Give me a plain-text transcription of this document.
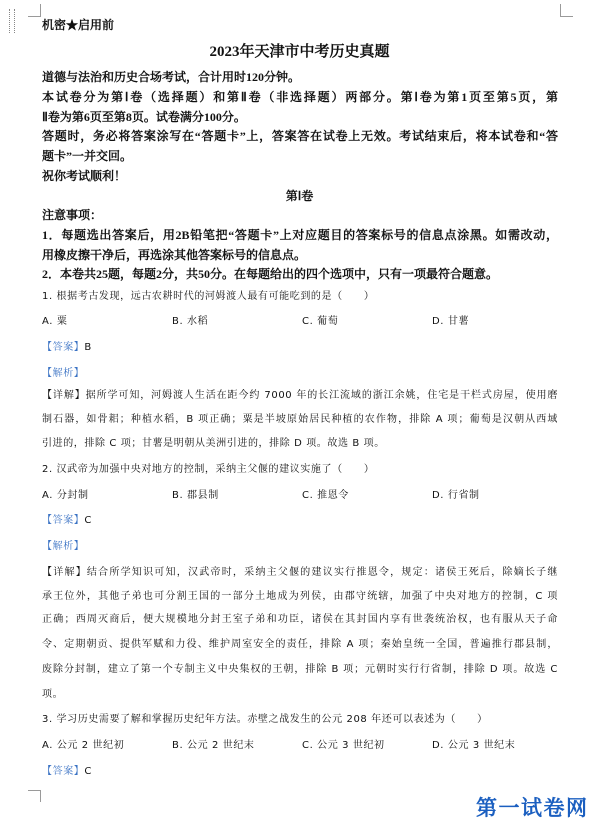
机密★启用前
2023年天津市中考历史真题
道德与法治和历史合场考试，合计用时120分钟。
本试卷分为第Ⅰ卷（选择题）和第Ⅱ卷（非选择题）两部分。第Ⅰ卷为第1页至第5页，第
Ⅱ卷为第6页至第8页。试卷满分100分。
答题时，务必将答案涂写在“答题卡”上，答案答在试卷上无效。考试结束后，将本试卷和“答
题卡”一并交回。
祝你考试顺利！
第Ⅰ卷
注意事项：
1．每题选出答案后，用2B铅笔把“答题卡”上对应题目的答案标号的信息点涂黑。如需改动，
用橡皮擦干净后，再选涂其他答案标号的信息点。
2．本卷共25题，每题2分，共50分。在每题给出的四个选项中，只有一项最符合题意。
1. 根据考古发现，远古农耕时代的河姆渡人最有可能吃到的是（　　）
A. 粟	B. 水稻	C. 葡萄	D. 甘薯
【答案】B
【解析】
【详解】据所学可知，河姆渡人生活在距今约 7000 年的长江流域的浙江余姚，住宅是干栏式房屋，使用磨
制石器，如骨耜；种植水稻，B 项正确；粟是半坡原始居民种植的农作物，排除 A 项；葡萄是汉朝从西域
引进的，排除 C 项；甘薯是明朝从美洲引进的，排除 D 项。故选 B 项。
2. 汉武帝为加强中央对地方的控制，采纳主父偃的建议实施了（　　）
A. 分封制	B. 郡县制	C. 推恩令	D. 行省制
【答案】C
【解析】
【详解】结合所学知识可知，汉武帝时，采纳主父偃的建议实行推恩令，规定：诸侯王死后，除嫡长子继
承王位外，其他子弟也可分割王国的一部分土地成为列侯，由郡守统辖，加强了中央对地方的控制，C 项
正确；西周灭商后，便大规模地分封王室子弟和功臣，诸侯在其封国内享有世袭统治权，也有服从天子命
令、定期朝贡、提供军赋和力役、维护周室安全的责任，排除 A 项；秦始皇统一全国，普遍推行郡县制，
废除分封制，建立了第一个专制主义中央集权的王朝，排除 B 项；元朝时实行行省制，排除 D 项。故选 C
项。
3. 学习历史需要了解和掌握历史纪年方法。赤壁之战发生的公元 208 年还可以表述为（　　）
A. 公元 2 世纪初	B. 公元 2 世纪末	C. 公元 3 世纪初	D. 公元 3 世纪末
【答案】C
第一试卷网
